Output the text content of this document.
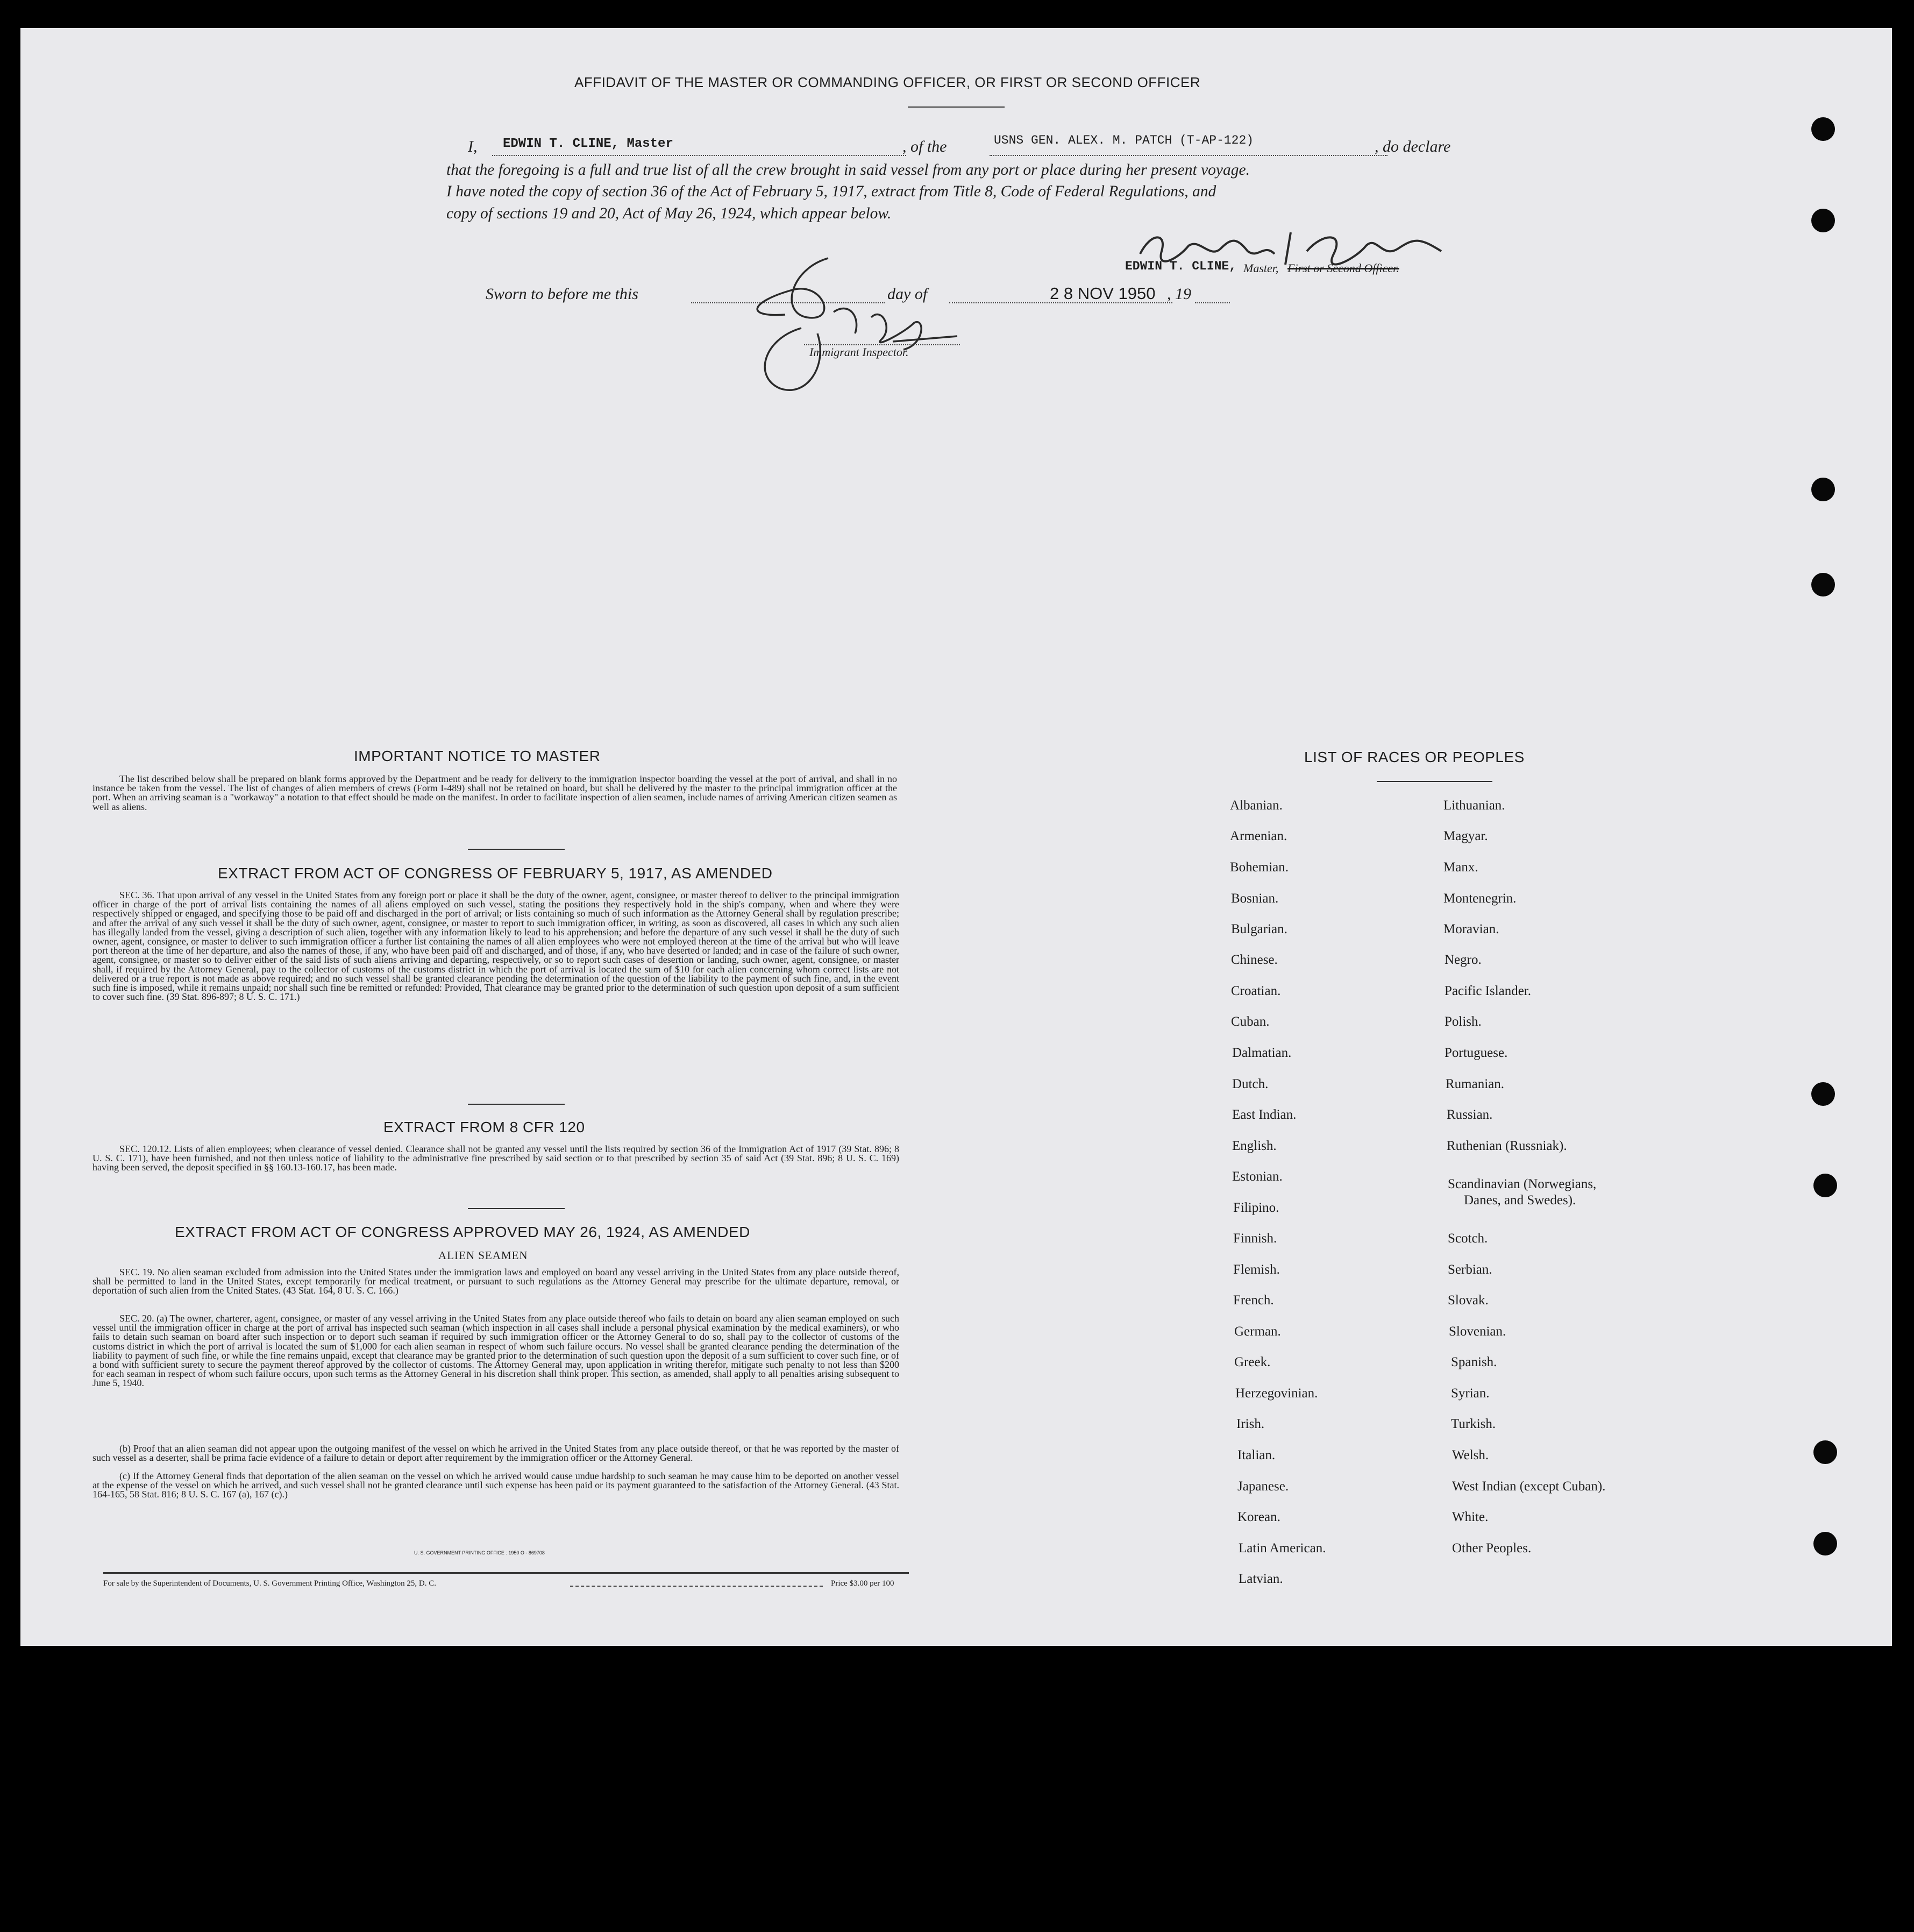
AFFIDAVIT OF THE MASTER OR COMMANDING OFFICER, OR FIRST OR SECOND OFFICER
I, EDWIN T. CLINE, Master	, of the	USNS GEN. ALEX. M. PATCH (T-AP-122)	, do declare
that the foregoing is a full and true list of all the crew brought in said vessel from any port or place during her present voyage.
I have noted the copy of section 36 of the Act of February 5, 1917, extract from Title 8, Code of Federal Regulations, and
copy of sections 19 and 20, Act of May 26, 1924, which appear below.
EDWIN T. CLINE, Master, First or Second Officer.
Sworn to before me this	day of	2 8 NOV 1950 , 19
Immigrant Inspector.
IMPORTANT NOTICE TO MASTER
The list described below shall be prepared on blank forms approved by the Department and be ready for delivery to the immigration inspector boarding the vessel at the port of arrival, and shall in no instance be taken from the vessel. The list of changes of alien members of crews (Form I-489) shall not be retained on board, but shall be delivered by the master to the principal immigration officer at the port. When an arriving seaman is a "workaway" a notation to that effect should be made on the manifest. In order to facilitate inspection of alien seamen, include names of arriving American citizen seamen as well as aliens.
EXTRACT FROM ACT OF CONGRESS OF FEBRUARY 5, 1917, AS AMENDED
SEC. 36. That upon arrival of any vessel in the United States from any foreign port or place it shall be the duty of the owner, agent, consignee, or master thereof to deliver to the principal immigration officer in charge of the port of arrival lists containing the names of all aliens employed on such vessel, stating the positions they respectively hold in the ship's company, when and where they were respectively shipped or engaged, and specifying those to be paid off and discharged in the port of arrival; or lists containing so much of such information as the Attorney General shall by regulation prescribe; and after the arrival of any such vessel it shall be the duty of such owner, agent, consignee, or master to report to such immigration officer, in writing, as soon as discovered, all cases in which any such alien has illegally landed from the vessel, giving a description of such alien, together with any information likely to lead to his apprehension; and before the departure of any such vessel it shall be the duty of such owner, agent, consignee, or master to deliver to such immigration officer a further list containing the names of all alien employees who were not employed thereon at the time of the arrival but who will leave port thereon at the time of her departure, and also the names of those, if any, who have been paid off and discharged, and of those, if any, who have deserted or landed; and in case of the failure of such owner, agent, consignee, or master so to deliver either of the said lists of such aliens arriving and departing, respectively, or so to report such cases of desertion or landing, such owner, agent, consignee, or master shall, if required by the Attorney General, pay to the collector of customs of the customs district in which the port of arrival is located the sum of $10 for each alien concerning whom correct lists are not delivered or a true report is not made as above required; and no such vessel shall be granted clearance pending the determination of the question of the liability to the payment of such fine, and, in the event such fine is imposed, while it remains unpaid; nor shall such fine be remitted or refunded: Provided, That clearance may be granted prior to the determination of such question upon deposit of a sum sufficient to cover such fine. (39 Stat. 896-897; 8 U. S. C. 171.)
EXTRACT FROM 8 CFR 120
SEC. 120.12. Lists of alien employees; when clearance of vessel denied. Clearance shall not be granted any vessel until the lists required by section 36 of the Immigration Act of 1917 (39 Stat. 896; 8 U. S. C. 171), have been furnished, and not then unless notice of liability to the administrative fine prescribed by said section or to that prescribed by section 35 of said Act (39 Stat. 896; 8 U. S. C. 169) having been served, the deposit specified in §§ 160.13-160.17, has been made.
EXTRACT FROM ACT OF CONGRESS APPROVED MAY 26, 1924, AS AMENDED
ALIEN SEAMEN
SEC. 19. No alien seaman excluded from admission into the United States under the immigration laws and employed on board any vessel arriving in the United States from any place outside thereof, shall be permitted to land in the United States, except temporarily for medical treatment, or pursuant to such regulations as the Attorney General may prescribe for the ultimate departure, removal, or deportation of such alien from the United States. (43 Stat. 164, 8 U. S. C. 166.)
SEC. 20. (a) The owner, charterer, agent, consignee, or master of any vessel arriving in the United States from any place outside thereof who fails to detain on board any alien seaman employed on such vessel until the immigration officer in charge at the port of arrival has inspected such seaman (which inspection in all cases shall include a personal physical examination by the medical examiners), or who fails to detain such seaman on board after such inspection or to deport such seaman if required by such immigration officer or the Attorney General to do so, shall pay to the collector of customs of the customs district in which the port of arrival is located the sum of $1,000 for each alien seaman in respect of whom such failure occurs. No vessel shall be granted clearance pending the determination of the liability to payment of such fine, or while the fine remains unpaid, except that clearance may be granted prior to the determination of such question upon the deposit of a sum sufficient to cover such fine, or of a bond with sufficient surety to secure the payment thereof approved by the collector of customs. The Attorney General may, upon application in writing therefor, mitigate such penalty to not less than $200 for each seaman in respect of whom such failure occurs, upon such terms as the Attorney General in his discretion shall think proper. This section, as amended, shall apply to all penalties arising subsequent to June 5, 1940.
(b) Proof that an alien seaman did not appear upon the outgoing manifest of the vessel on which he arrived in the United States from any place outside thereof, or that he was reported by the master of such vessel as a deserter, shall be prima facie evidence of a failure to detain or deport after requirement by the immigration officer or the Attorney General.
(c) If the Attorney General finds that deportation of the alien seaman on the vessel on which he arrived would cause undue hardship to such seaman he may cause him to be deported on another vessel at the expense of the vessel on which he arrived, and such vessel shall not be granted clearance until such expense has been paid or its payment guaranteed to the satisfaction of the Attorney General. (43 Stat. 164-165, 58 Stat. 816; 8 U. S. C. 167 (a), 167 (c).)
U. S. GOVERNMENT PRINTING OFFICE : 1950 O - 869708
For sale by the Superintendent of Documents, U. S. Government Printing Office, Washington 25, D. C.	Price $3.00 per 100
LIST OF RACES OR PEOPLES
Albanian.
Armenian.
Bohemian.
Bosnian.
Bulgarian.
Chinese.
Croatian.
Cuban.
Dalmatian.
Dutch.
East Indian.
English.
Estonian.
Filipino.
Finnish.
Flemish.
French.
German.
Greek.
Herzegovinian.
Irish.
Italian.
Japanese.
Korean.
Latin American.
Latvian.
Lithuanian.
Magyar.
Manx.
Montenegrin.
Moravian.
Negro.
Pacific Islander.
Polish.
Portuguese.
Rumanian.
Russian.
Ruthenian (Russniak).
Scandinavian (Norwegians,
Danes, and Swedes).
Scotch.
Serbian.
Slovak.
Slovenian.
Spanish.
Syrian.
Turkish.
Welsh.
West Indian (except Cuban).
White.
Other Peoples.
